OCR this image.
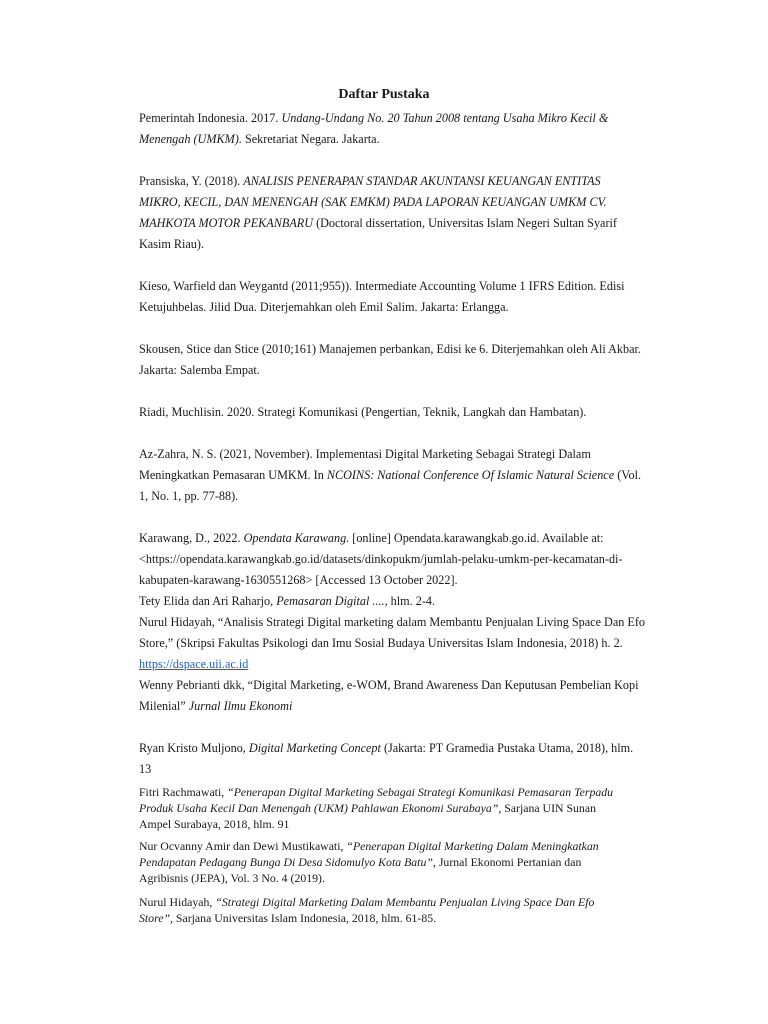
Daftar Pustaka

Pemerintah Indonesia. 2017. Undang-Undang No. 20 Tahun 2008 tentang Usaha Mikro Kecil &
Menengah (UMKM). Sekretariat Negara. Jakarta.

Pransiska, Y. (2018). ANALISIS PENERAPAN STANDAR AKUNTANSI KEUANGAN ENTITAS
MIKRO, KECIL, DAN MENENGAH (SAK EMKM) PADA LAPORAN KEUANGAN UMKM CV.
MAHKOTA MOTOR PEKANBARU (Doctoral dissertation, Universitas Islam Negeri Sultan Syarif
Kasim Riau).

Kieso, Warfield dan Weygantd (2011;955)). Intermediate Accounting Volume 1 IFRS Edition. Edisi
Ketujuhbelas. Jilid Dua. Diterjemahkan oleh Emil Salim. Jakarta: Erlangga.

Skousen, Stice dan Stice (2010;161) Manajemen perbankan, Edisi ke 6. Diterjemahkan oleh Ali Akbar.
Jakarta: Salemba Empat.

Riadi, Muchlisin. 2020. Strategi Komunikasi (Pengertian, Teknik, Langkah dan Hambatan).

Az-Zahra, N. S. (2021, November). Implementasi Digital Marketing Sebagai Strategi Dalam
Meningkatkan Pemasaran UMKM. In NCOINS: National Conference Of Islamic Natural Science (Vol.
1, No. 1, pp. 77-88).

Karawang, D., 2022. Opendata Karawang. [online] Opendata.karawangkab.go.id. Available at:
<https://opendata.karawangkab.go.id/datasets/dinkopukm/jumlah-pelaku-umkm-per-kecamatan-di-
kabupaten-karawang-1630551268> [Accessed 13 October 2022].

Tety Elida dan Ari Raharjo, Pemasaran Digital ...., hlm. 2-4.

Nurul Hidayah, “Analisis Strategi Digital marketing dalam Membantu Penjualan Living Space Dan Efo
Store,” (Skripsi Fakultas Psikologi dan Imu Sosial Budaya Universitas Islam Indonesia, 2018) h. 2.
https://dspace.uii.ac.id

Wenny Pebrianti dkk, “Digital Marketing, e-WOM, Brand Awareness Dan Keputusan Pembelian Kopi
Milenial” Jurnal Ilmu Ekonomi

Ryan Kristo Muljono, Digital Marketing Concept (Jakarta: PT Gramedia Pustaka Utama, 2018), hlm.
13

Fitri Rachmawati, “Penerapan Digital Marketing Sebagai Strategi Komunikasi Pemasaran Terpadu
Produk Usaha Kecil Dan Menengah (UKM) Pahlawan Ekonomi Surabaya”, Sarjana UIN Sunan
Ampel Surabaya, 2018, hlm. 91

Nur Ocvanny Amir dan Dewi Mustikawati, “Penerapan Digital Marketing Dalam Meningkatkan
Pendapatan Pedagang Bunga Di Desa Sidomulyo Kota Batu”, Jurnal Ekonomi Pertanian dan
Agribisnis (JEPA), Vol. 3 No. 4 (2019).

Nurul Hidayah, “Strategi Digital Marketing Dalam Membantu Penjualan Living Space Dan Efo
Store”, Sarjana Universitas Islam Indonesia, 2018, hlm. 61-85.
